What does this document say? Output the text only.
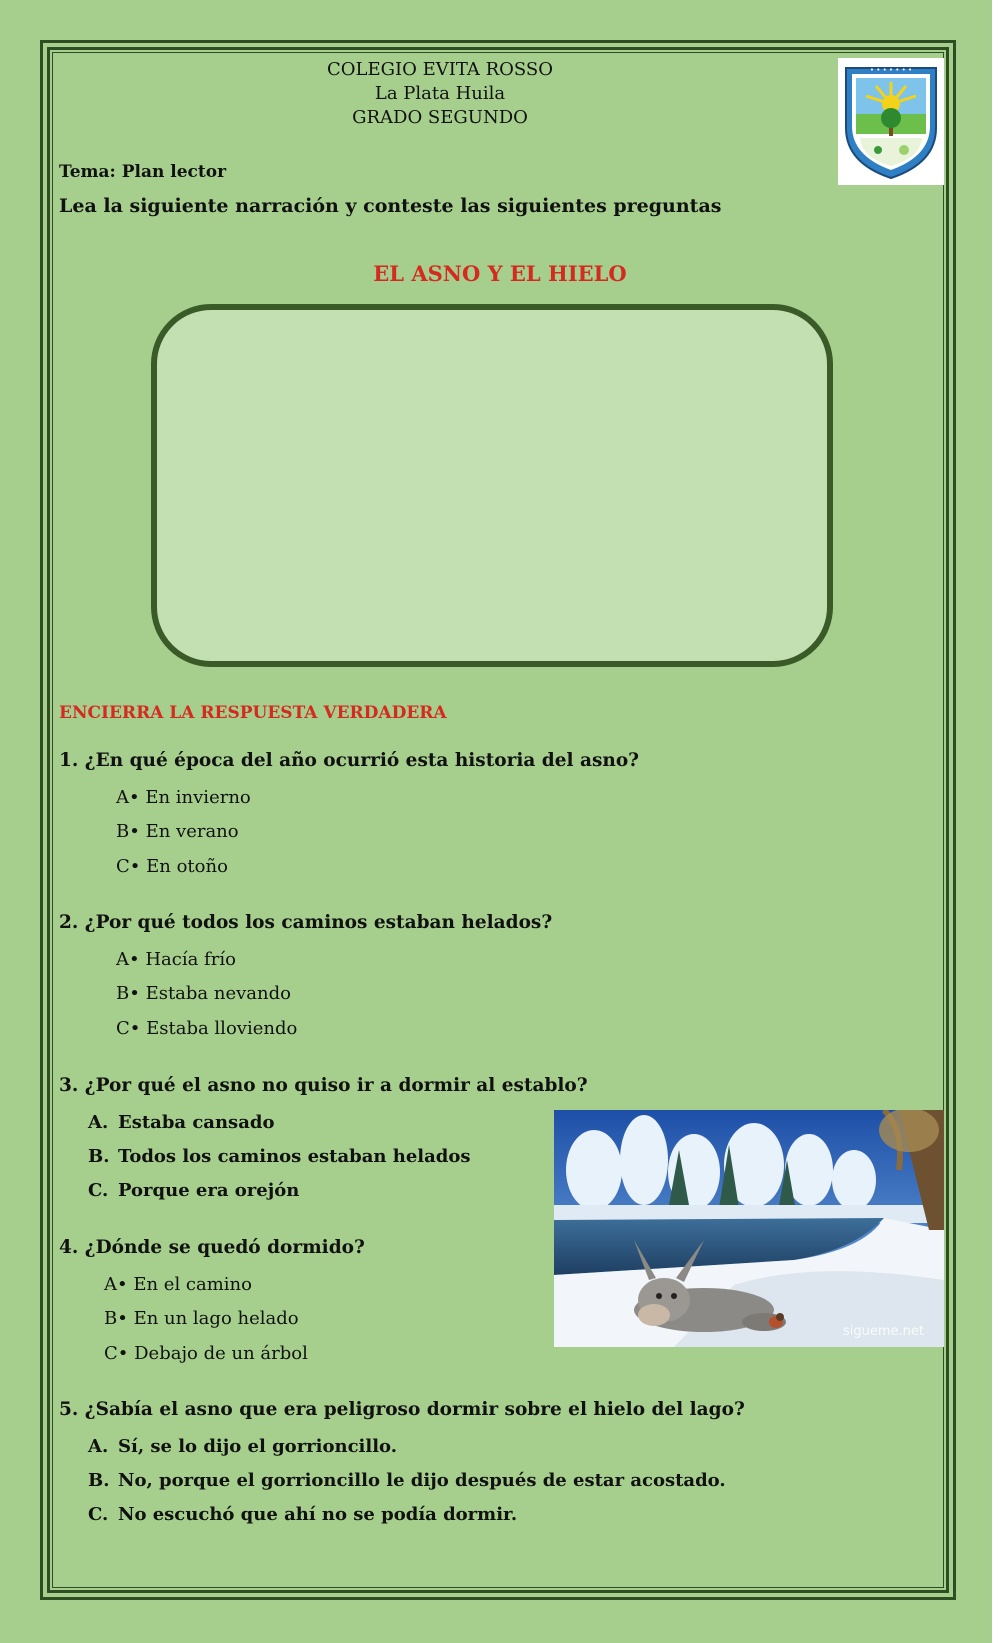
COLEGIO EVITA ROSSO
La Plata Huila
GRADO SEGUNDO
• • • • • • •
Tema: Plan lector
Lea la siguiente narración y conteste las siguientes preguntas
EL ASNO Y EL HIELO
ENCIERRA LA RESPUESTA VERDADERA
1. ¿En qué época del año ocurrió esta historia del asno?
A• En invierno
B• En verano
C• En otoño
2. ¿Por qué todos los caminos estaban helados?
A• Hacía frío
B• Estaba nevando
C• Estaba lloviendo
3. ¿Por qué el asno no quiso ir a dormir al establo?
A. Estaba cansado
B. Todos los caminos estaban helados
C. Porque era orejón
4. ¿Dónde se quedó dormido?
A• En el camino
B• En un lago helado
C• Debajo de un árbol
5. ¿Sabía el asno que era peligroso dormir sobre el hielo del lago?
A. Sí, se lo dijo el gorrioncillo.
B. No, porque el gorrioncillo le dijo después de estar acostado.
C. No escuchó que ahí no se podía dormir.
sigueme.net
